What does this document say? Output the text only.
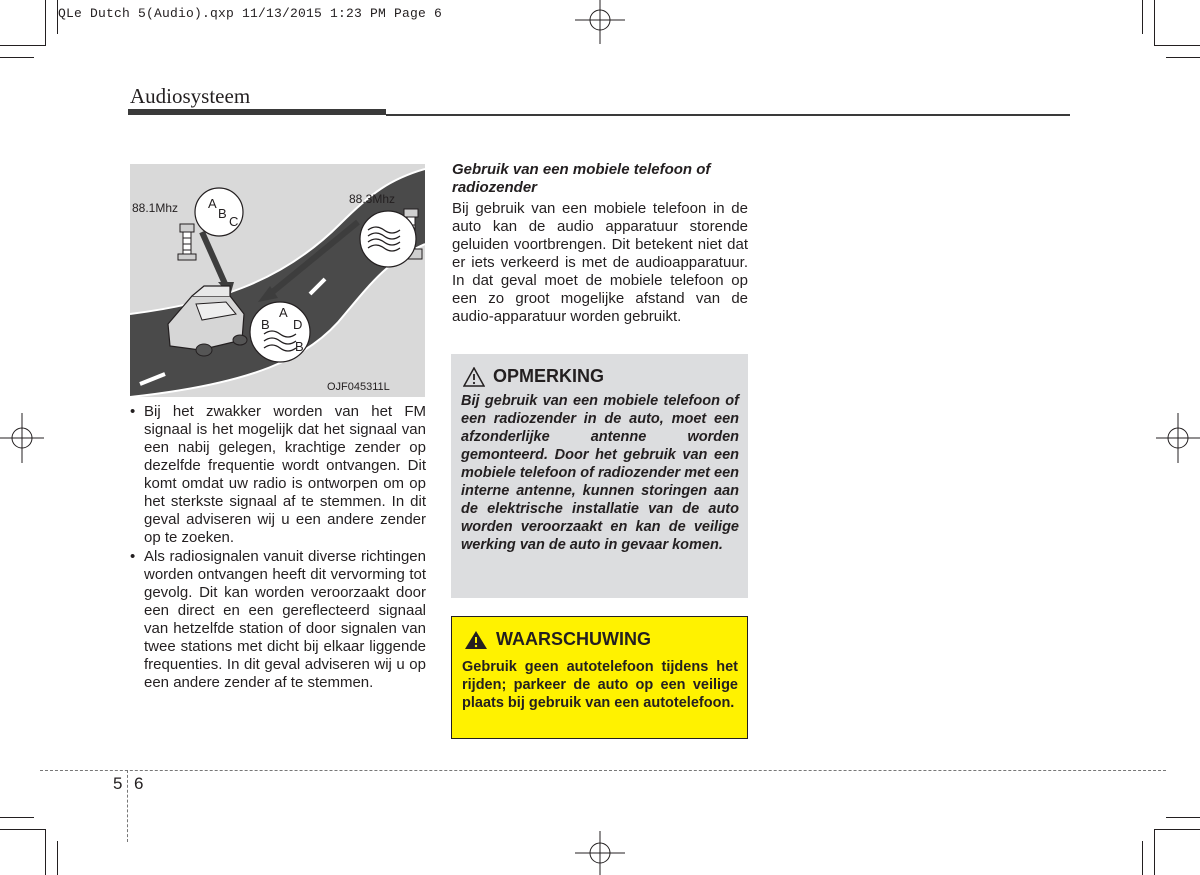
QLe Dutch 5(Audio).qxp 11/13/2015 1:23 PM Page 6
Audiosysteem
A
B
C
A
B D
B
88.1Mhz
88.3Mhz
OJF045311L
• Bij het zwakker worden van het FM signaal is het mogelijk dat het signaal van een nabij gelegen, krachtige zender op dezelfde frequentie wordt ontvangen. Dit komt omdat uw radio is ontworpen om op het sterkste signaal af te stemmen. In dit geval adviseren wij u een andere zender op te zoeken.
• Als radiosignalen vanuit diverse richtingen worden ontvangen heeft dit vervorming tot gevolg. Dit kan worden veroorzaakt door een direct en een gereflecteerd signaal van hetzelfde station of door signalen van twee stations met dicht bij elkaar liggende frequenties. In dit geval adviseren wij u op een andere zender af te stemmen.
Gebruik van een mobiele telefoon of radiozender

Bij gebruik van een mobiele telefoon in de auto kan de audio apparatuur storende geluiden voortbrengen. Dit betekent niet dat er iets verkeerd is met de audioapparatuur. In dat geval moet de mobiele telefoon op een zo groot mogelijke afstand van de audio-apparatuur worden gebruikt.

OPMERKING

Bij gebruik van een mobiele telefoon of een radiozender in de auto, moet een afzonderlijke antenne worden gemonteerd. Door het gebruik van een mobiele telefoon of radiozender met een interne antenne, kunnen storingen aan de elektrische installatie van de auto worden veroorzaakt en kan de veilige werking van de auto in gevaar komen.

WAARSCHUWING

Gebruik geen autotelefoon tijdens het rijden; parkeer de auto op een veilige plaats bij gebruik van een autotelefoon.

5 6
